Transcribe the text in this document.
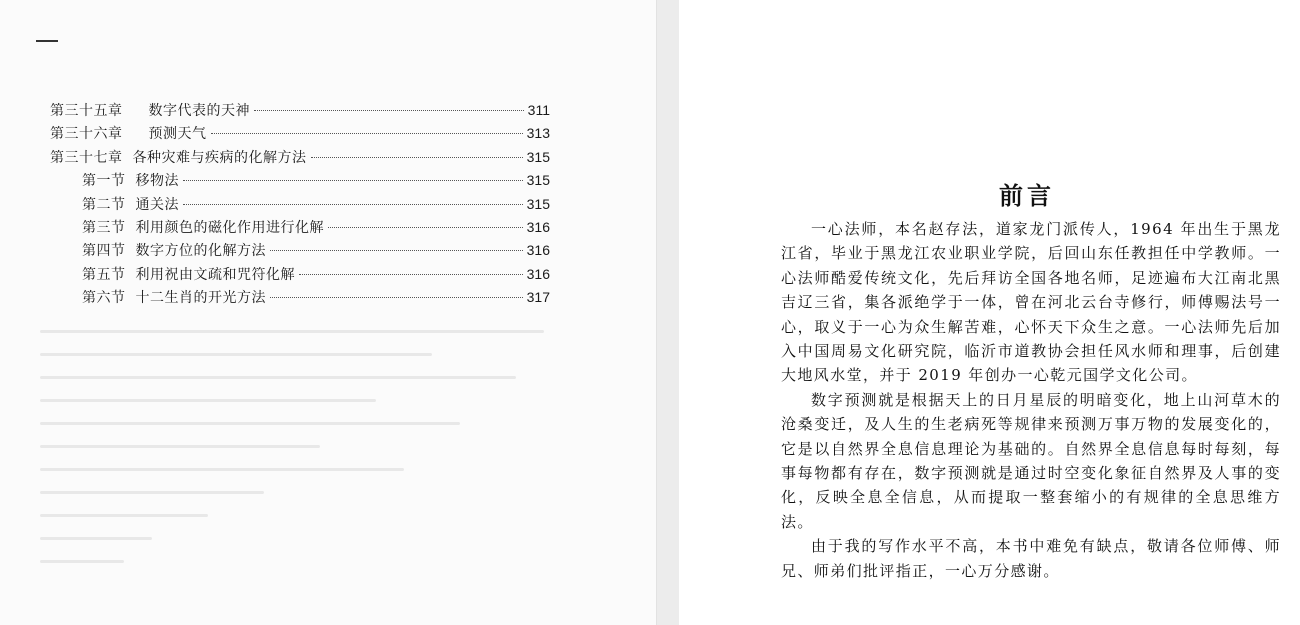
第三十五章 数字代表的天神	311
第三十六章 预测天气	313
第三十七章 各种灾难与疾病的化解方法	315
第一节 移物法	315
第二节 通关法	315
第三节 利用颜色的磁化作用进行化解	316
第四节 数字方位的化解方法	316
第五节 利用祝由文疏和咒符化解	316
第六节 十二生肖的开光方法	317
前言

一心法师，本名赵存法，道家龙门派传人，1964 年出生于黑龙江省，毕业于黑龙江农业职业学院，后回山东任教担任中学教师。一心法师酷爱传统文化，先后拜访全国各地名师，足迹遍布大江南北黑吉辽三省，集各派绝学于一体，曾在河北云台寺修行，师傅赐法号一心，取义于一心为众生解苦难，心怀天下众生之意。一心法师先后加入中国周易文化研究院，临沂市道教协会担任风水师和理事，后创建大地风水堂，并于 2019 年创办一心乾元国学文化公司。

数字预测就是根据天上的日月星辰的明暗变化，地上山河草木的沧桑变迁，及人生的生老病死等规律来预测万事万物的发展变化的，它是以自然界全息信息理论为基础的。自然界全息信息每时每刻，每事每物都有存在，数字预测就是通过时空变化象征自然界及人事的变化，反映全息全信息，从而提取一整套缩小的有规律的全息思维方法。

由于我的写作水平不高，本书中难免有缺点，敬请各位师傅、师兄、师弟们批评指正，一心万分感谢。
